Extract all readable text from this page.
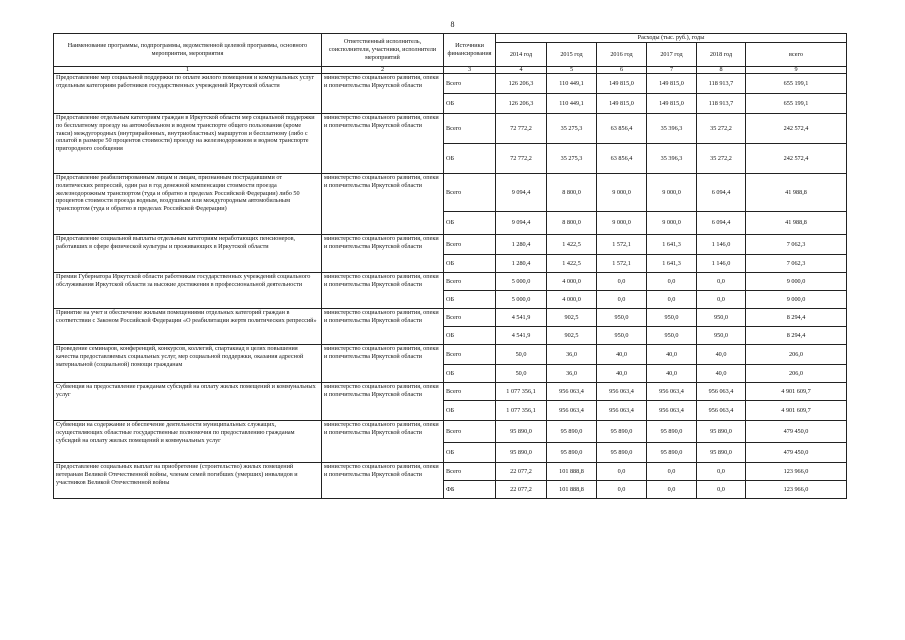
8
Наименование программы, подпрограммы, ведомственной целевой программы, основного мероприятия, мероприятия	Ответственный исполнитель, соисполнители, участники, исполнители мероприятий	Источники финансирования	Расходы (тыс. руб.), годы					
			2014 год	2015 год	2016 год	2017 год	2018 год	всего
1	2	3	4	5	6	7	8	9
Предоставление мер социальной поддержки по оплате жилого помещения и коммунальных услуг отдельным категориям работников государственных учреждений Иркутской области	министерство социального развития, опеки и попечительства Иркутской области	Всего	126 206,3	110 449,1	149 815,0	149 815,0	118 913,7	655 199,1
		ОБ	126 206,3	110 449,1	149 815,0	149 815,0	118 913,7	655 199,1
Предоставление отдельным категориям граждан в Иркутской области мер социальной поддержки по бесплатному проезду на автомобильном и водном транспорте общего пользования (кроме такси) междугородных (внутрирайонных, внутриобластных) маршрутов и бесплатному (либо с оплатой в размере 50 процентов стоимости) проезду на железнодорожном и водном транспорте пригородного сообщения	министерство социального развития, опеки и попечительства Иркутской области	Всего	72 772,2	35 275,3	63 856,4	35 396,3	35 272,2	242 572,4
		ОБ	72 772,2	35 275,3	63 856,4	35 396,3	35 272,2	242 572,4
Предоставление реабилитированным лицам и лицам, признанным пострадавшими от политических репрессий, один раз в год денежной компенсации стоимости проезда железнодорожным транспортом (туда и обратно в пределах Российской Федерации) либо 50 процентов стоимости проезда водным, воздушным или междугородным автомобильным транспортом (туда и обратно в пределах Российской Федерации)	министерство социального развития, опеки и попечительства Иркутской области	Всего	9 094,4	8 800,0	9 000,0	9 000,0	6 094,4	41 988,8
		ОБ	9 094,4	8 800,0	9 000,0	9 000,0	6 094,4	41 988,8
Предоставление социальной выплаты отдельным категориям неработающих пенсионеров, работавших в сфере физической культуры и проживающих в Иркутской области	министерство социального развития, опеки и попечительства Иркутской области	Всего	1 280,4	1 422,5	1 572,1	1 641,3	1 146,0	7 062,3
		ОБ	1 280,4	1 422,5	1 572,1	1 641,3	1 146,0	7 062,3
Премии Губернатора Иркутской области работникам государственных учреждений социального обслуживания Иркутской области за высокие достижения в профессиональной деятельности	министерство социального развития, опеки и попечительства Иркутской области	Всего	5 000,0	4 000,0	0,0	0,0	0,0	9 000,0
		ОБ	5 000,0	4 000,0	0,0	0,0	0,0	9 000,0
Принятие на учет и обеспечение жилыми помещениями отдельных категорий граждан в соответствии с Законом Российской Федерации «О реабилитации жертв политических репрессий»	министерство социального развития, опеки и попечительства Иркутской области	Всего	4 541,9	902,5	950,0	950,0	950,0	8 294,4
		ОБ	4 541,9	902,5	950,0	950,0	950,0	8 294,4
Проведение семинаров, конференций, конкурсов, коллегий, спартакиад в целях повышения качества предоставляемых социальных услуг, мер социальной поддержки, оказания адресной материальной (социальной) помощи гражданам	министерство социального развития, опеки и попечительства Иркутской области	Всего	50,0	36,0	40,0	40,0	40,0	206,0
		ОБ	50,0	36,0	40,0	40,0	40,0	206,0
Субвенция на предоставление гражданам субсидий на оплату жилых помещений и коммунальных услуг	министерство социального развития, опеки и попечительства Иркутской области	Всего	1 077 356,1	956 063,4	956 063,4	956 063,4	956 063,4	4 901 609,7
		ОБ	1 077 356,1	956 063,4	956 063,4	956 063,4	956 063,4	4 901 609,7
Субвенции на содержание и обеспечение деятельности муниципальных служащих, осуществляющих областные государственные полномочия по предоставлению гражданам субсидий на оплату жилых помещений и коммунальных услуг	министерство социального развития, опеки и попечительства Иркутской области	Всего	95 890,0	95 890,0	95 890,0	95 890,0	95 890,0	479 450,0
		ОБ	95 890,0	95 890,0	95 890,0	95 890,0	95 890,0	479 450,0
Предоставление социальных выплат на приобретение (строительство) жилых помещений ветеранам Великой Отечественной войны, членам семей погибших (умерших) инвалидов и участников Великой Отечественной войны	министерство социального развития, опеки и попечительства Иркутской области	Всего	22 077,2	101 888,8	0,0	0,0	0,0	123 966,0
		ФБ	22 077,2	101 888,8	0,0	0,0	0,0	123 966,0
